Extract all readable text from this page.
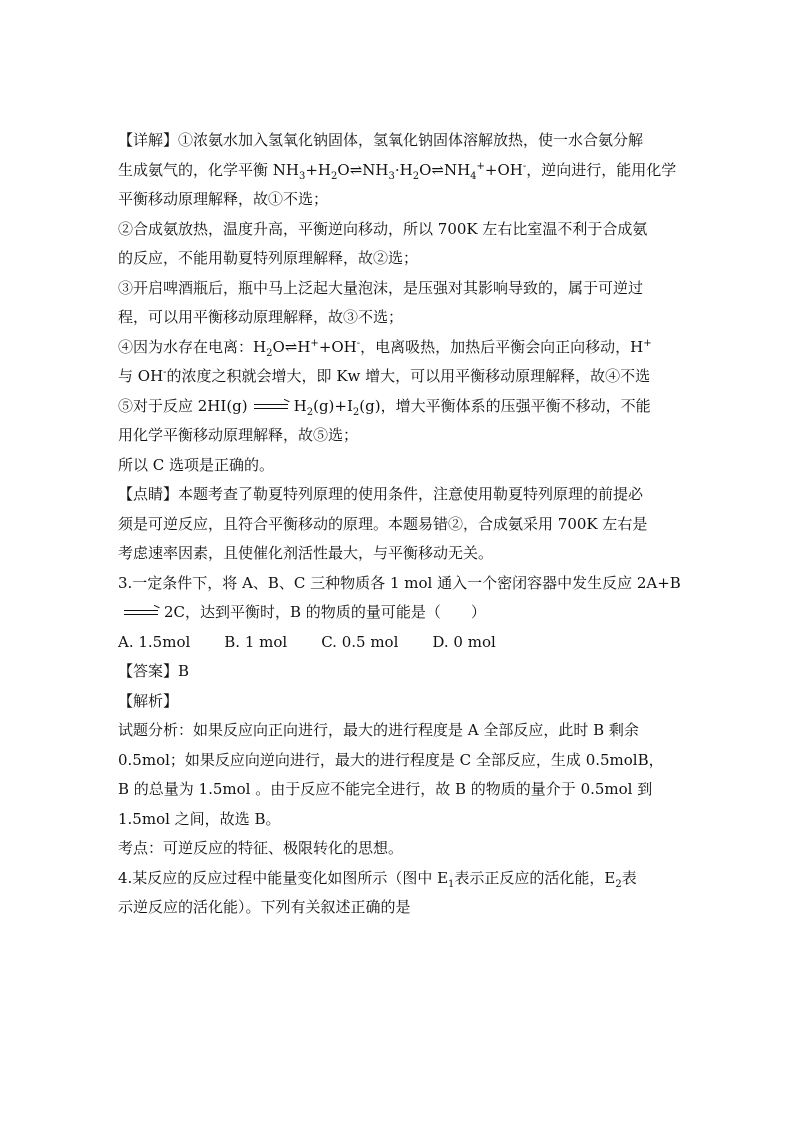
【详解】①浓氨水加入氢氧化钠固体，氢氧化钠固体溶解放热，使一水合氨分解
生成氨气的，化学平衡 $NH_3+H_2O\rightleftharpoons NH_3\cdot H_2O\rightleftharpoons NH_4^++OH^-$，逆向进行，能用化学
平衡移动原理解释，故①不选；
②合成氨放热，温度升高，平衡逆向移动，所以 700K 左右比室温不利于合成氨
的反应，不能用勒夏特列原理解释，故②选；
③开启啤酒瓶后，瓶中马上泛起大量泡沫，是压强对其影响导致的，属于可逆过
程，可以用平衡移动原理解释，故③不选；
④因为水存在电离：$H_2O\rightleftharpoons H^++OH^-$，电离吸热，加热后平衡会向正向移动，H+
与 OH-的浓度之积就会增大，即 Kw 增大，可以用平衡移动原理解释，故④不选
⑤对于反应 $2HI(g) \to H_2(g)+I_2(g)$，增大平衡体系的压强平衡不移动，不能
用化学平衡移动原理解释，故⑤选；
所以 C 选项是正确的。
【点睛】本题考查了勒夏特列原理的使用条件，注意使用勒夏特列原理的前提必
须是可逆反应，且符合平衡移动的原理。本题易错②，合成氨采用 700K 左右是
考虑速率因素，且使催化剂活性最大，与平衡移动无关。
3.一定条件下，将 A、B、C 三种物质各 1 mol 通入一个密闭容器中发生反应 2A+B
→ 2C，达到平衡时，B 的物质的量可能是（　　）
A. 1.5mol B. 1 mol C. 0.5 mol D. 0 mol
【答案】B
【解析】
试题分析：如果反应向正向进行，最大的进行程度是 A 全部反应，此时 B 剩余
0.5mol；如果反应向逆向进行，最大的进行程度是 C 全部反应，生成 0.5molB，
B 的总量为 1.5mol 。由于反应不能完全进行，故 B 的物质的量介于 0.5mol 到
1.5mol 之间，故选 B。
考点：可逆反应的特征、极限转化的思想。
4.某反应的反应过程中能量变化如图所示（图中 $E_1$表示正反应的活化能，$E_2$表
示逆反应的活化能）。下列有关叙述正确的是
